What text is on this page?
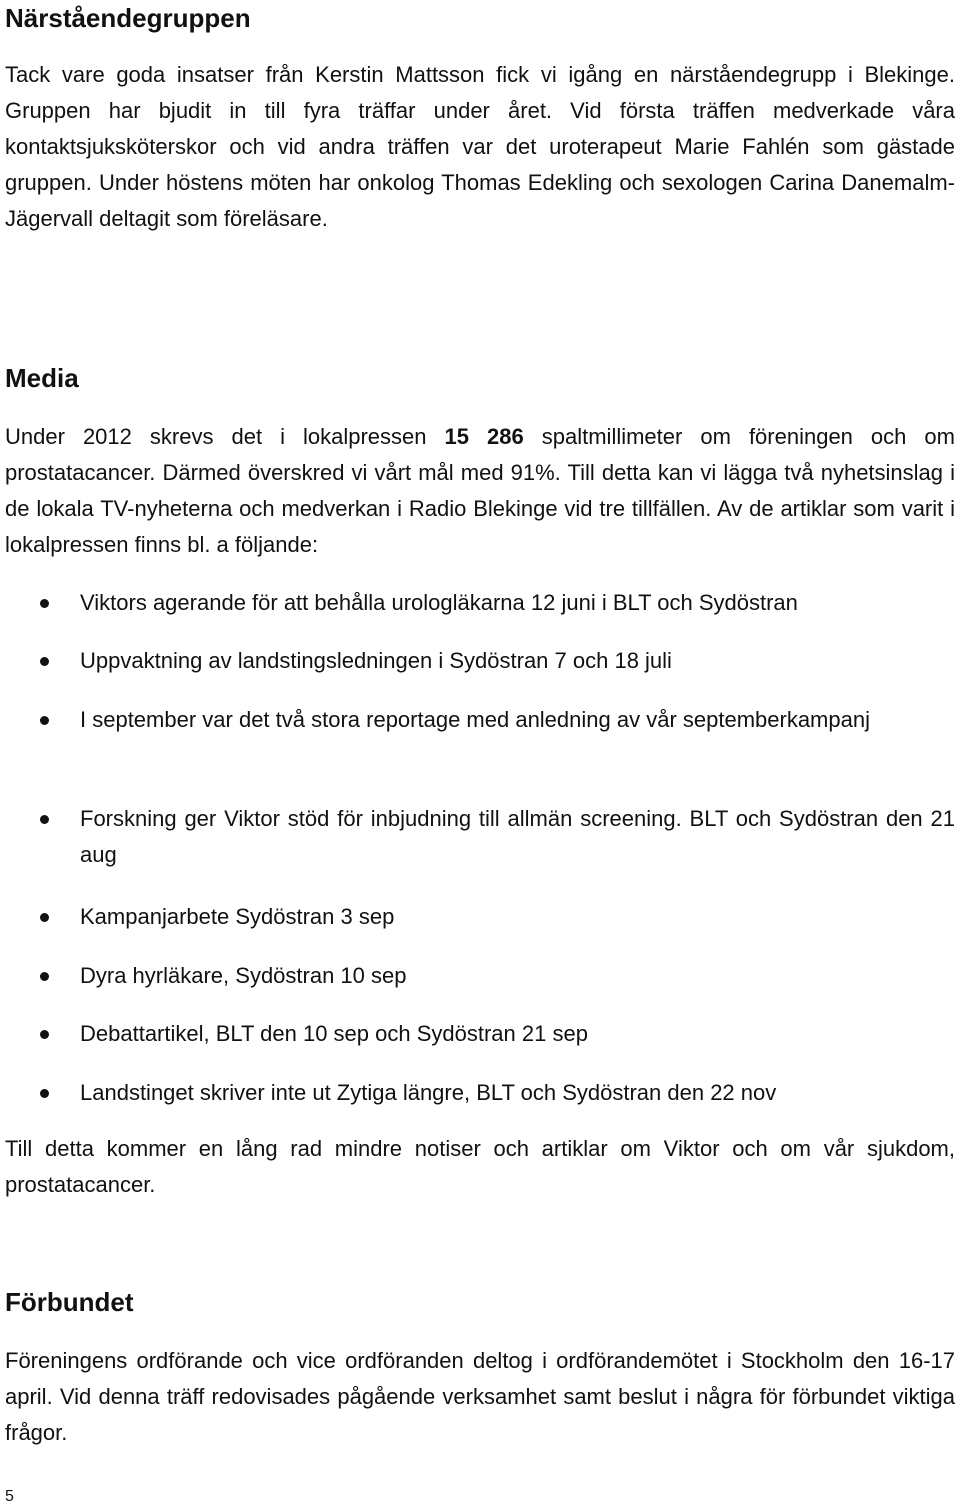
Närståendegruppen

Tack vare goda insatser från Kerstin Mattsson fick vi igång en närståendegrupp i Blekinge. Gruppen har bjudit in till fyra träffar under året. Vid första träffen medverkade våra kontaktsjuksköterskor och vid andra träffen var det uroterapeut Marie Fahlén som gästade gruppen. Under höstens möten har onkolog Thomas Edekling och sexologen Carina Danemalm-Jägervall deltagit som föreläsare.

Media

Under 2012 skrevs det i lokalpressen 15 286 spaltmillimeter om föreningen och om prostatacancer. Därmed överskred vi vårt mål med 91%. Till detta kan vi lägga två nyhetsinslag i de lokala TV-nyheterna och medverkan i Radio Blekinge vid tre tillfällen. Av de artiklar som varit i lokalpressen finns bl. a följande:

Viktors agerande för att behålla urologläkarna 12 juni i BLT och Sydöstran

Uppvaktning av landstingsledningen i Sydöstran 7 och 18 juli

I september var det två stora reportage med anledning av vår septemberkampanj

Forskning ger Viktor stöd för inbjudning till allmän screening. BLT och Sydöstran den 21 aug

Kampanjarbete Sydöstran 3 sep

Dyra hyrläkare, Sydöstran 10 sep

Debattartikel, BLT den 10 sep och Sydöstran 21 sep

Landstinget skriver inte ut Zytiga längre, BLT och Sydöstran den 22 nov

Till detta kommer en lång rad mindre notiser och artiklar om Viktor och om vår sjukdom, prostatacancer.

Förbundet

Föreningens ordförande och vice ordföranden deltog i ordförandemötet i Stockholm den 16-17 april. Vid denna träff redovisades pågående verksamhet samt beslut i några för förbundet viktiga frågor.

5
